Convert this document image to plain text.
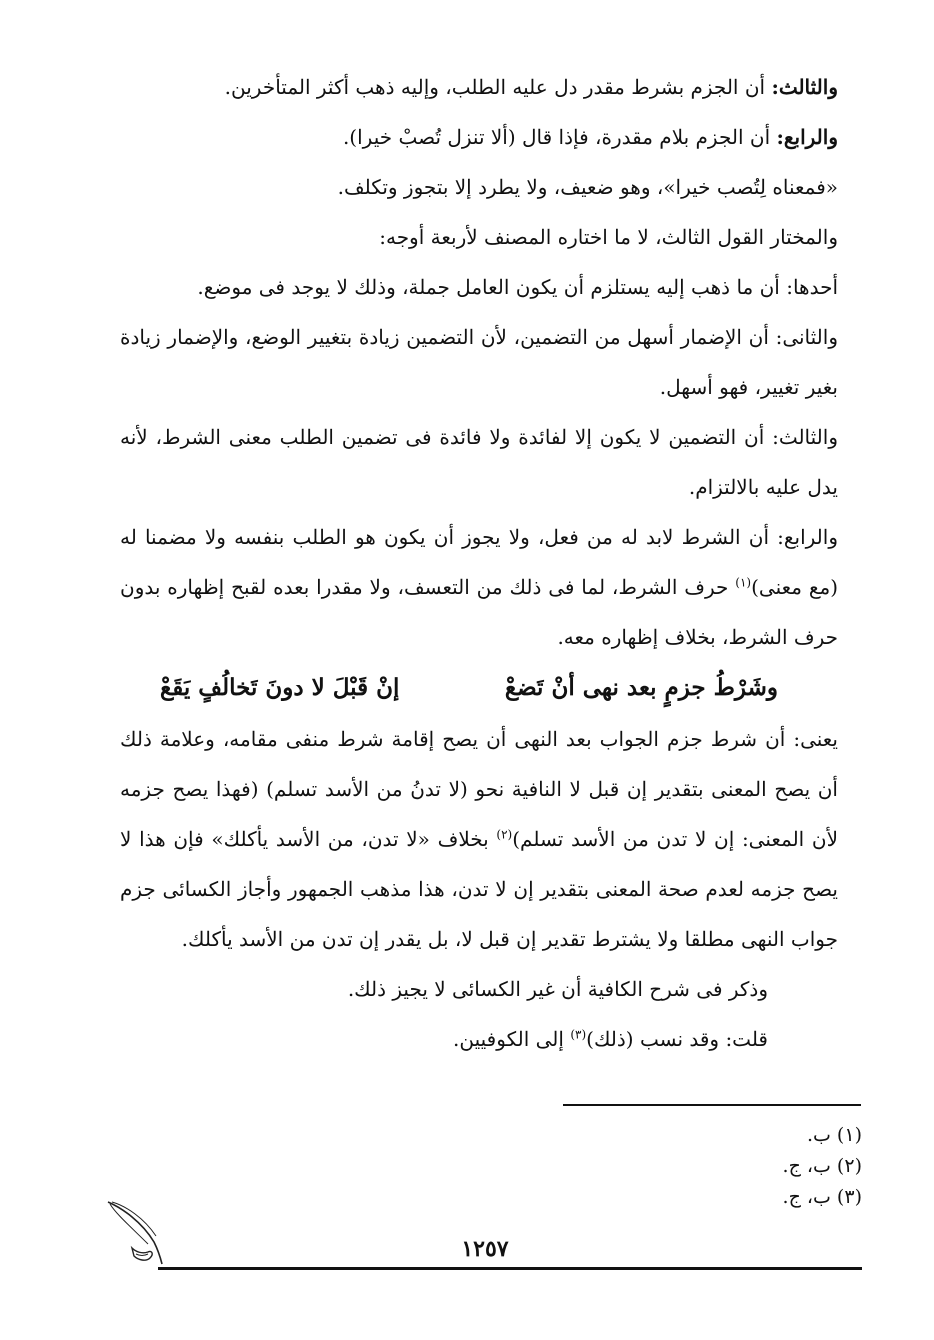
والثالث: أن الجزم بشرط مقدر دل عليه الطلب، وإليه ذهب أكثر المتأخرين.

والرابع: أن الجزم بلام مقدرة، فإذا قال (ألا تنزل تُصبْ خيرا).

«فمعناه لِتُصب خيرا»، وهو ضعيف، ولا يطرد إلا بتجوز وتكلف.

والمختار القول الثالث، لا ما اختاره المصنف لأربعة أوجه:

أحدها: أن ما ذهب إليه يستلزم أن يكون العامل جملة، وذلك لا يوجد فى موضع.

والثانى: أن الإضمار أسهل من التضمين، لأن التضمين زيادة بتغيير الوضع، والإضمار زيادة بغير تغيير، فهو أسهل.

والثالث: أن التضمين لا يكون إلا لفائدة ولا فائدة فى تضمين الطلب معنى الشرط، لأنه يدل عليه بالالتزام.

والرابع: أن الشرط لابد له من فعل، ولا يجوز أن يكون هو الطلب بنفسه ولا مضمنا له (مع معنى)$^{(١)}$ حرف الشرط، لما فى ذلك من التعسف، ولا مقدرا بعده لقبح إظهاره بدون حرف الشرط، بخلاف إظهاره معه.

وشَرْطُ جزمٍ بعد نهى أنْ تَضعْ
إنْ قَبْلَ لا دونَ تَخالُفٍ يَقَعْ

يعنى: أن شرط جزم الجواب بعد النهى أن يصح إقامة شرط منفى مقامه، وعلامة ذلك أن يصح المعنى بتقدير إن قبل لا النافية نحو (لا تدنُ من الأسد تسلم) (فهذا يصح جزمه لأن المعنى: إن لا تدن من الأسد تسلم)$^{(٢)}$ بخلاف «لا تدن، من الأسد يأكلك» فإن هذا لا يصح جزمه لعدم صحة المعنى بتقدير إن لا تدن، هذا مذهب الجمهور وأجاز الكسائى جزم جواب النهى مطلقا ولا يشترط تقدير إن قبل لا، بل يقدر إن تدن من الأسد يأكلك.

وذكر فى شرح الكافية أن غير الكسائى لا يجيز ذلك.

قلت: وقد نسب (ذلك)$^{(٣)}$ إلى الكوفيين.

(١) ب.
(٢) ب، ج.
(٣) ب، ج.
١٢٥٧
